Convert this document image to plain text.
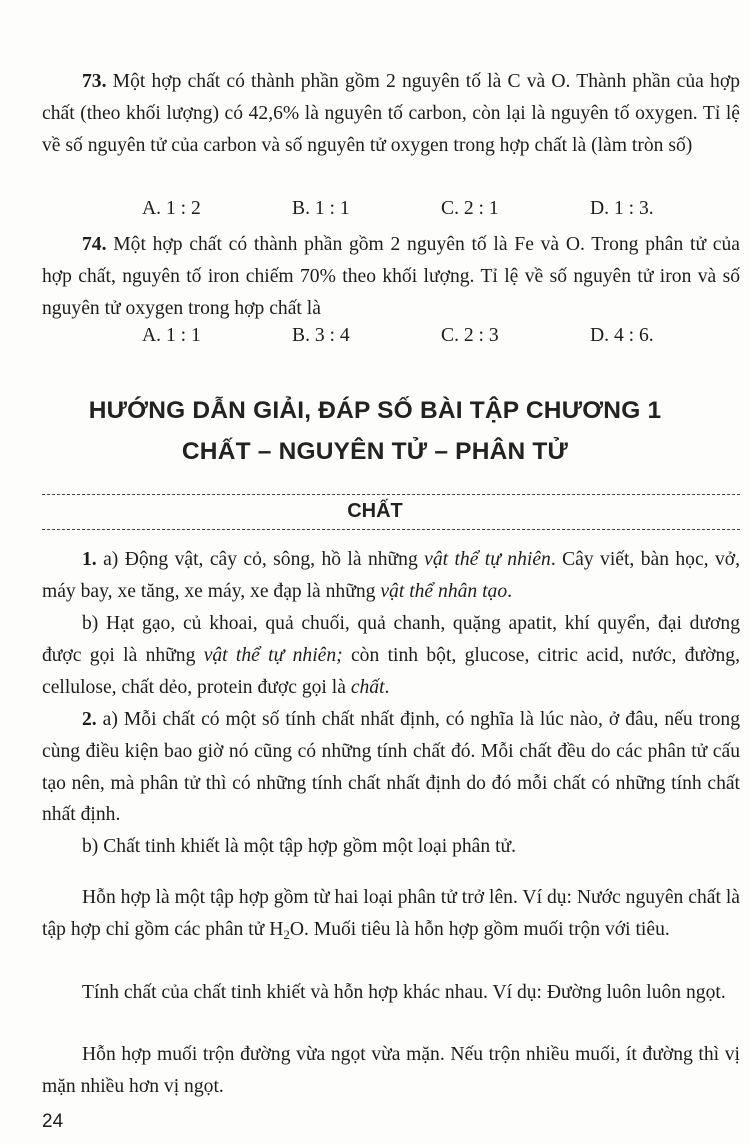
73. Một hợp chất có thành phần gồm 2 nguyên tố là C và O. Thành phần của hợp chất (theo khối lượng) có 42,6% là nguyên tố carbon, còn lại là nguyên tố oxygen. Tỉ lệ về số nguyên tử của carbon và số nguyên tử oxygen trong hợp chất là (làm tròn số)

A. 1 : 2	B. 1 : 1	C. 2 : 1	D. 1 : 3.

74. Một hợp chất có thành phần gồm 2 nguyên tố là Fe và O. Trong phân tử của hợp chất, nguyên tố iron chiếm 70% theo khối lượng. Tỉ lệ về số nguyên tử iron và số nguyên tử oxygen trong hợp chất là

A. 1 : 1	B. 3 : 4	C. 2 : 3	D. 4 : 6.
HƯỚNG DẪN GIẢI, ĐÁP SỐ BÀI TẬP CHƯƠNG 1
CHẤT – NGUYÊN TỬ – PHÂN TỬ
CHẤT

1. a) Động vật, cây cỏ, sông, hồ là những vật thể tự nhiên. Cây viết, bàn học, vở, máy bay, xe tăng, xe máy, xe đạp là những vật thể nhân tạo.

b) Hạt gạo, củ khoai, quả chuối, quả chanh, quặng apatit, khí quyển, đại dương được gọi là những vật thể tự nhiên; còn tinh bột, glucose, citric acid, nước, đường, cellulose, chất dẻo, protein được gọi là chất.

2. a) Mỗi chất có một số tính chất nhất định, có nghĩa là lúc nào, ở đâu, nếu trong cùng điều kiện bao giờ nó cũng có những tính chất đó. Mỗi chất đều do các phân tử cấu tạo nên, mà phân tử thì có những tính chất nhất định do đó mỗi chất có những tính chất nhất định.

b) Chất tinh khiết là một tập hợp gồm một loại phân tử.

Hỗn hợp là một tập hợp gồm từ hai loại phân tử trở lên. Ví dụ: Nước nguyên chất là tập hợp chỉ gồm các phân tử $H_2O$. Muối tiêu là hỗn hợp gồm muối trộn với tiêu.

Tính chất của chất tinh khiết và hỗn hợp khác nhau. Ví dụ: Đường luôn luôn ngọt.

Hỗn hợp muối trộn đường vừa ngọt vừa mặn. Nếu trộn nhiều muối, ít đường thì vị mặn nhiều hơn vị ngọt.

24
